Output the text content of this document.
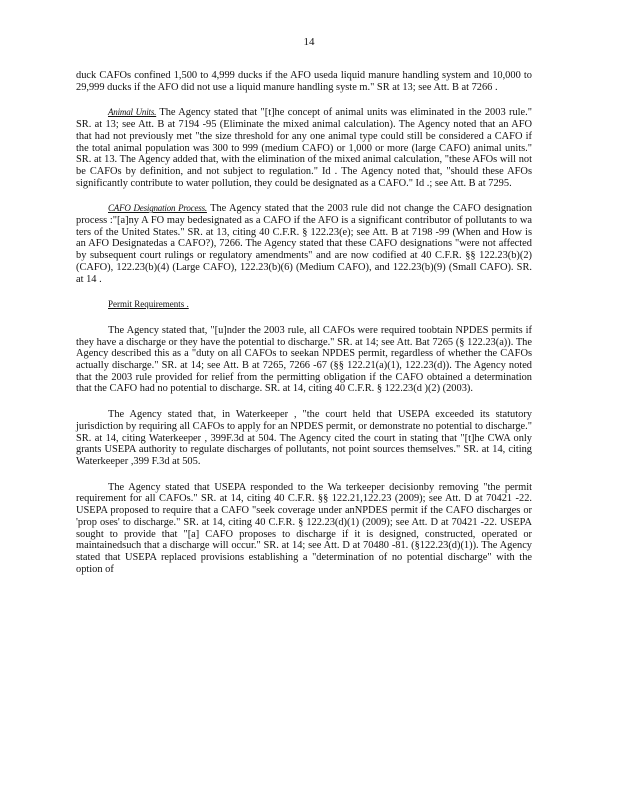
14

duck CAFOs confined 1,500 to 4,999 ducks if the AFO useda liquid manure handling system and 10,000 to 29,999 ducks if the AFO did not use a liquid manure handling syste m." SR at 13; see Att. B at 7266 .

Animal Units. The Agency stated that "[t]he concept of animal units was eliminated in the 2003 rule." SR. at 13; see Att. B at 7194 -95 (Eliminate the mixed animal calculation). The Agency noted that an AFO that had not previously met "the size threshold for any one animal type could still be considered a CAFO if the total animal population was 300 to 999 (medium CAFO) or 1,000 or more (large CAFO) animal units." SR. at 13. The Agency added that, with the elimination of the mixed animal calculation, "these AFOs will not be CAFOs by definition, and not subject to regulation." Id . The Agency noted that, "should these AFOs significantly contribute to water pollution, they could be designated as a CAFO." Id .; see Att. B at 7295.

CAFO Designation Process. The Agency stated that the 2003 rule did not change the CAFO designation process :"[a]ny A FO may bedesignated as a CAFO if the AFO is a significant contributor of pollutants to wa ters of the United States." SR. at 13, citing 40 C.F.R. § 122.23(e); see Att. B at 7198 -99 (When and How is an AFO Designatedas a CAFO?), 7266. The Agency stated that these CAFO designations "were not affected by subsequent court rulings or regulatory amendments" and are now codified at 40 C.F.R. §§ 122.23(b)(2) (CAFO), 122.23(b)(4) (Large CAFO), 122.23(b)(6) (Medium CAFO), and 122.23(b)(9) (Small CAFO). SR. at 14 .

Permit Requirements .

The Agency stated that, "[u]nder the 2003 rule, all CAFOs were required toobtain NPDES permits if they have a discharge or they have the potential to discharge." SR. at 14; see Att. Bat 7265 (§ 122.23(a)). The Agency described this as a "duty on all CAFOs to seekan NPDES permit, regardless of whether the CAFOs actually discharge." SR. at 14; see Att. B at 7265, 7266 -67 (§§ 122.21(a)(1), 122.23(d)). The Agency noted that the 2003 rule provided for relief from the permitting obligation if the CAFO obtained a determination that the CAFO had no potential to discharge. SR. at 14, citing 40 C.F.R. § 122.23(d )(2) (2003).

The Agency stated that, in Waterkeeper , "the court held that USEPA exceeded its statutory jurisdiction by requiring all CAFOs to apply for an NPDES permit, or demonstrate no potential to discharge." SR. at 14, citing Waterkeeper , 399F.3d at 504. The Agency cited the court in stating that "[t]he CWA only grants USEPA authority to regulate discharges of pollutants, not point sources themselves." SR. at 14, citing Waterkeeper ,399 F.3d at 505.

The Agency stated that USEPA responded to the Wa terkeeper decisionby removing "the permit requirement for all CAFOs." SR. at 14, citing 40 C.F.R. §§ 122.21,122.23 (2009); see Att. D at 70421 -22. USEPA proposed to require that a CAFO "seek coverage under anNPDES permit if the CAFO discharges or 'prop oses' to discharge." SR. at 14, citing 40 C.F.R. § 122.23(d)(1) (2009); see Att. D at 70421 -22. USEPA sought to provide that "[a] CAFO proposes to discharge if it is designed, constructed, operated or maintainedsuch that a discharge will occur." SR. at 14; see Att. D at 70480 -81. (§122.23(d)(1)). The Agency stated that USEPA replaced provisions establishing a "determination of no potential discharge" with the option of
